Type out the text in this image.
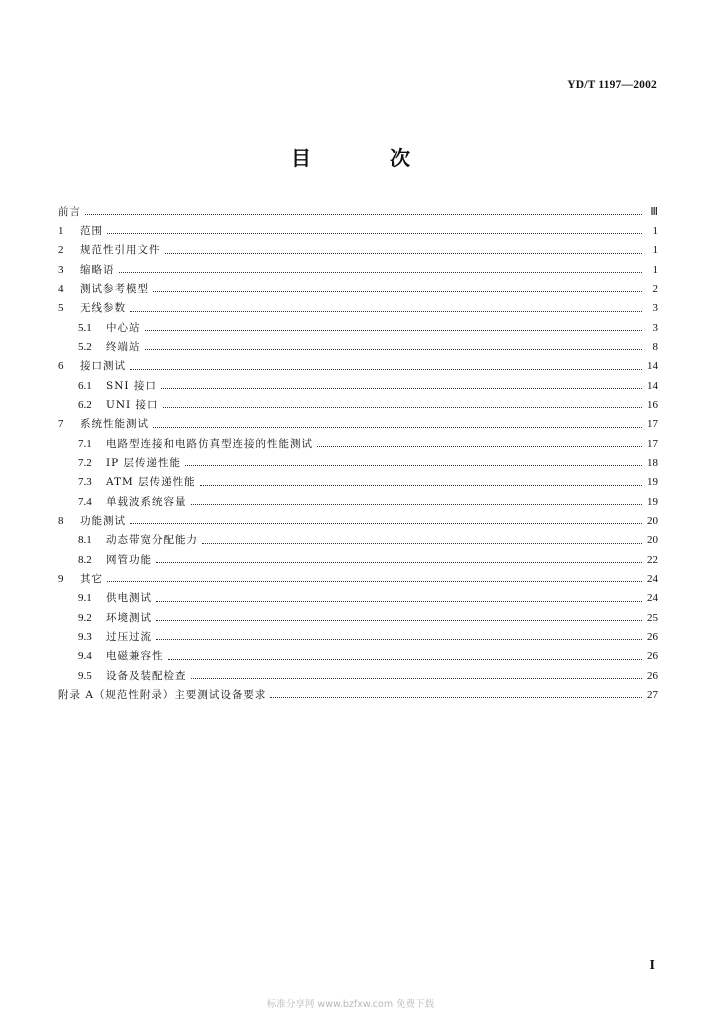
YD/T 1197—2002
目 次
前言	Ⅲ
1	范围	1
2	规范性引用文件	1
3	缩略语	1
4	测试参考模型	2
5	无线参数	3
5.1	中心站	3
5.2	终端站	8
6	接口测试	14
6.1	SNI 接口	14
6.2	UNI 接口	16
7	系统性能测试	17
7.1	电路型连接和电路仿真型连接的性能测试	17
7.2	IP 层传递性能	18
7.3	ATM 层传递性能	19
7.4	单载波系统容量	19
8	功能测试	20
8.1	动态带宽分配能力	20
8.2	网管功能	22
9	其它	24
9.1	供电测试	24
9.2	环境测试	25
9.3	过压过流	26
9.4	电磁兼容性	26
9.5	设备及装配检查	26
附录 A（规范性附录）主要测试设备要求	27
I
标准分享网 www.bzfxw.com 免费下载
